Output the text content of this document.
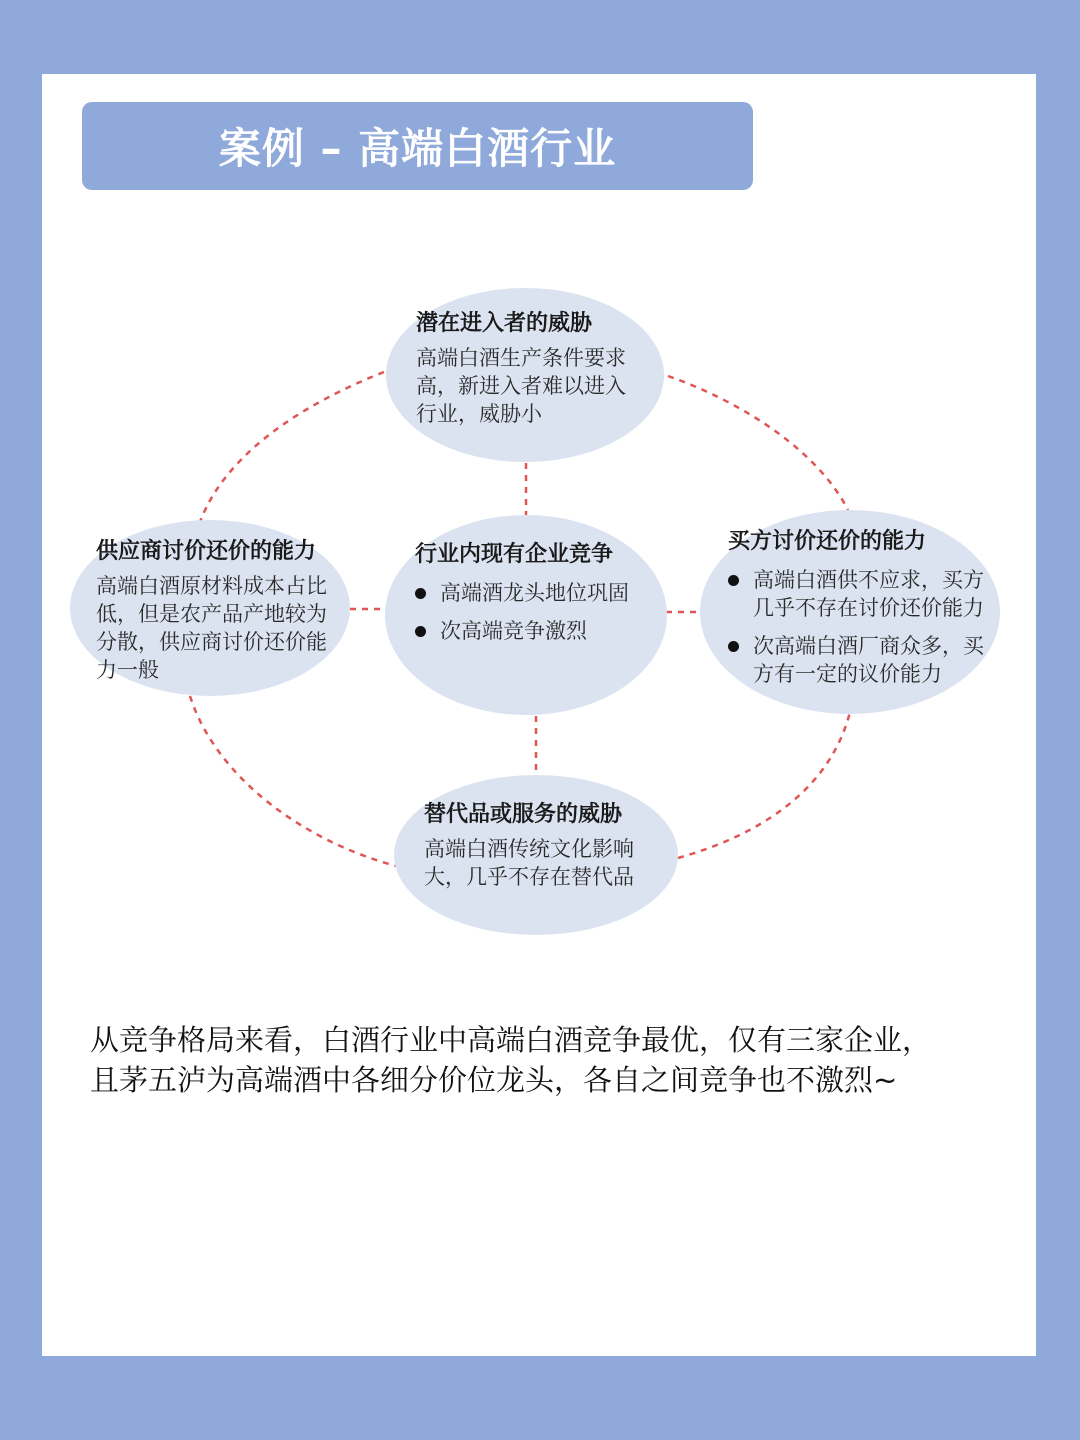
案例 – 高端白酒行业
潜在进入者的威胁
高端白酒生产条件要求高，新进入者难以进入行业，威胁小
供应商讨价还价的能力
高端白酒原材料成本占比低，但是农产品产地较为分散，供应商讨价还价能力一般
行业内现有企业竞争
高端酒龙头地位巩固
次高端竞争激烈
买方讨价还价的能力
高端白酒供不应求，买方几乎不存在讨价还价能力
次高端白酒厂商众多，买方有一定的议价能力
替代品或服务的威胁
高端白酒传统文化影响大，几乎不存在替代品
从竞争格局来看，白酒行业中高端白酒竞争最优，仅有三家企业，
且茅五泸为高端酒中各细分价位龙头，各自之间竞争也不激烈~
